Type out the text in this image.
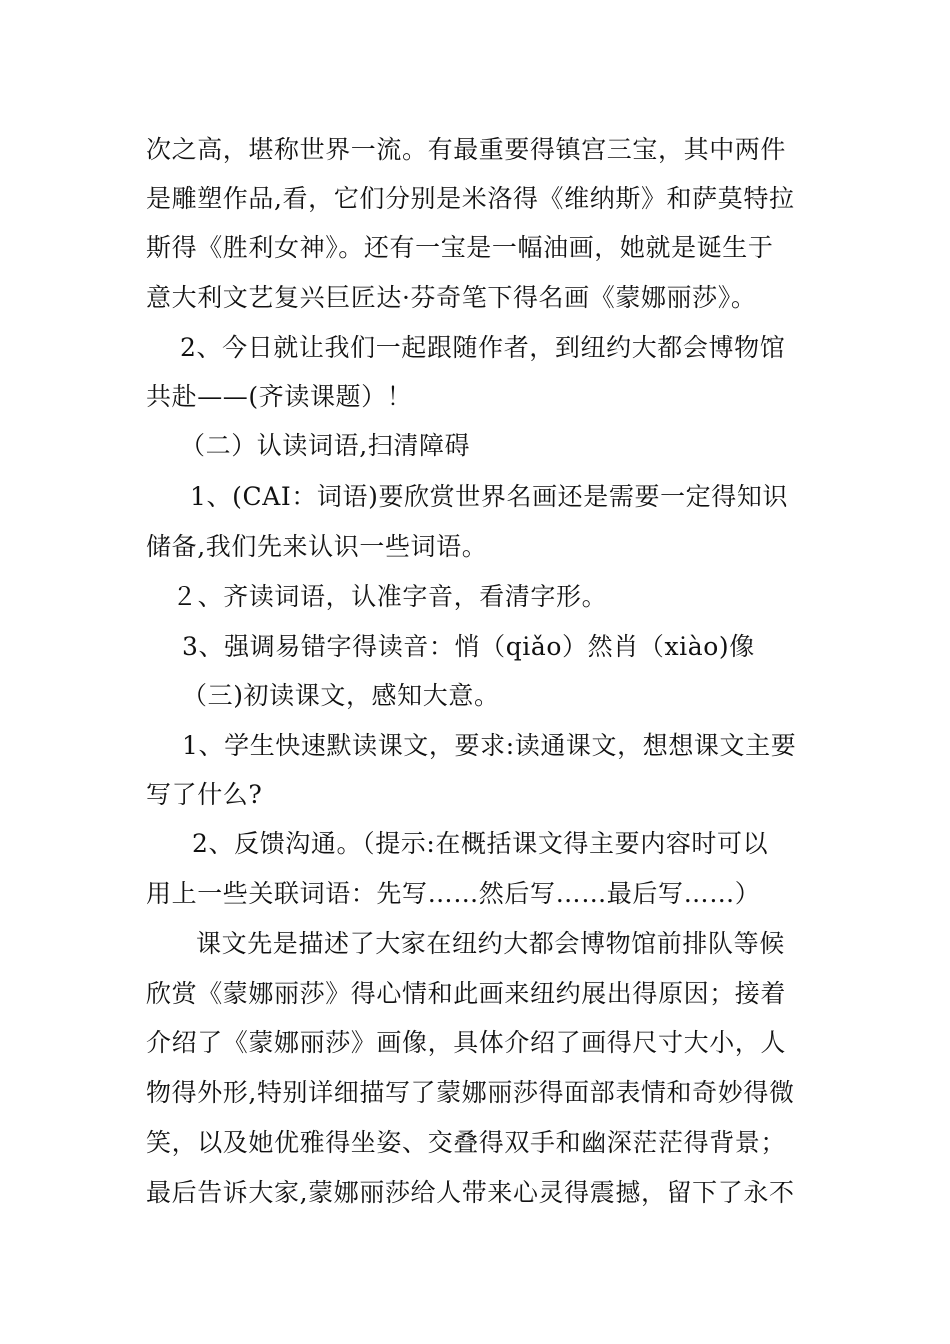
次之高，堪称世界一流。有最重要得镇宫三宝，其中两件
是雕塑作品,看，它们分别是米洛得《维纳斯》和萨莫特拉
斯得《胜利女神》。还有一宝是一幅油画，她就是诞生于
意大利文艺复兴巨匠达·芬奇笔下得名画《蒙娜丽莎》。
2、今日就让我们一起跟随作者，到纽约大都会博物馆
共赴——(齐读课题）！
（二）认读词语,扫清障碍
1、(CAⅠ：词语)要欣赏世界名画还是需要一定得知识
储备,我们先来认识一些词语。
２、齐读词语，认准字音，看清字形。
3、强调易错字得读音：悄（qiǎo）然肖（xiào)像
（三)初读课文，感知大意。
1、学生快速默读课文，要求:读通课文，想想课文主要
写了什么?
2、反馈沟通。（提示:在概括课文得主要内容时可以
用上一些关联词语：先写……然后写……最后写……）
课文先是描述了大家在纽约大都会博物馆前排队等候
欣赏《蒙娜丽莎》得心情和此画来纽约展出得原因；接着
介绍了《蒙娜丽莎》画像，具体介绍了画得尺寸大小，人
物得外形,特别详细描写了蒙娜丽莎得面部表情和奇妙得微
笑，以及她优雅得坐姿、交叠得双手和幽深茫茫得背景；
最后告诉大家,蒙娜丽莎给人带来心灵得震撼，留下了永不
